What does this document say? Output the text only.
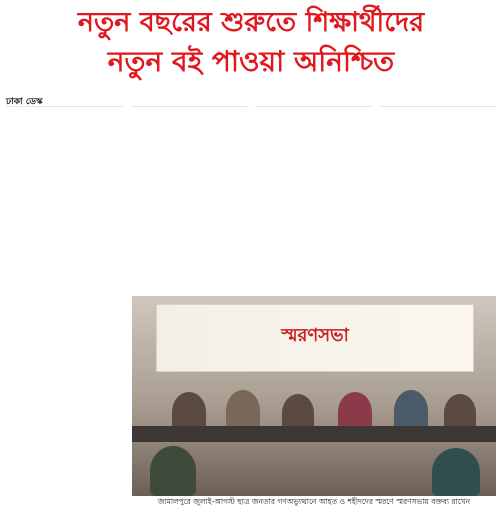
নতুন বছরের শুরুতে শিক্ষার্থীদের
নতুন বই পাওয়া অনিশ্চিত
ঢাকা ডেস্ক
স্মরণসভা
জামালপুরে জুলাই-আগস্ট ছাত্র জনতার গণঅভ্যুত্থানে আহত ও শহীদদের স্মরণে স্মরণসভায় বক্তব্য রাখেন
